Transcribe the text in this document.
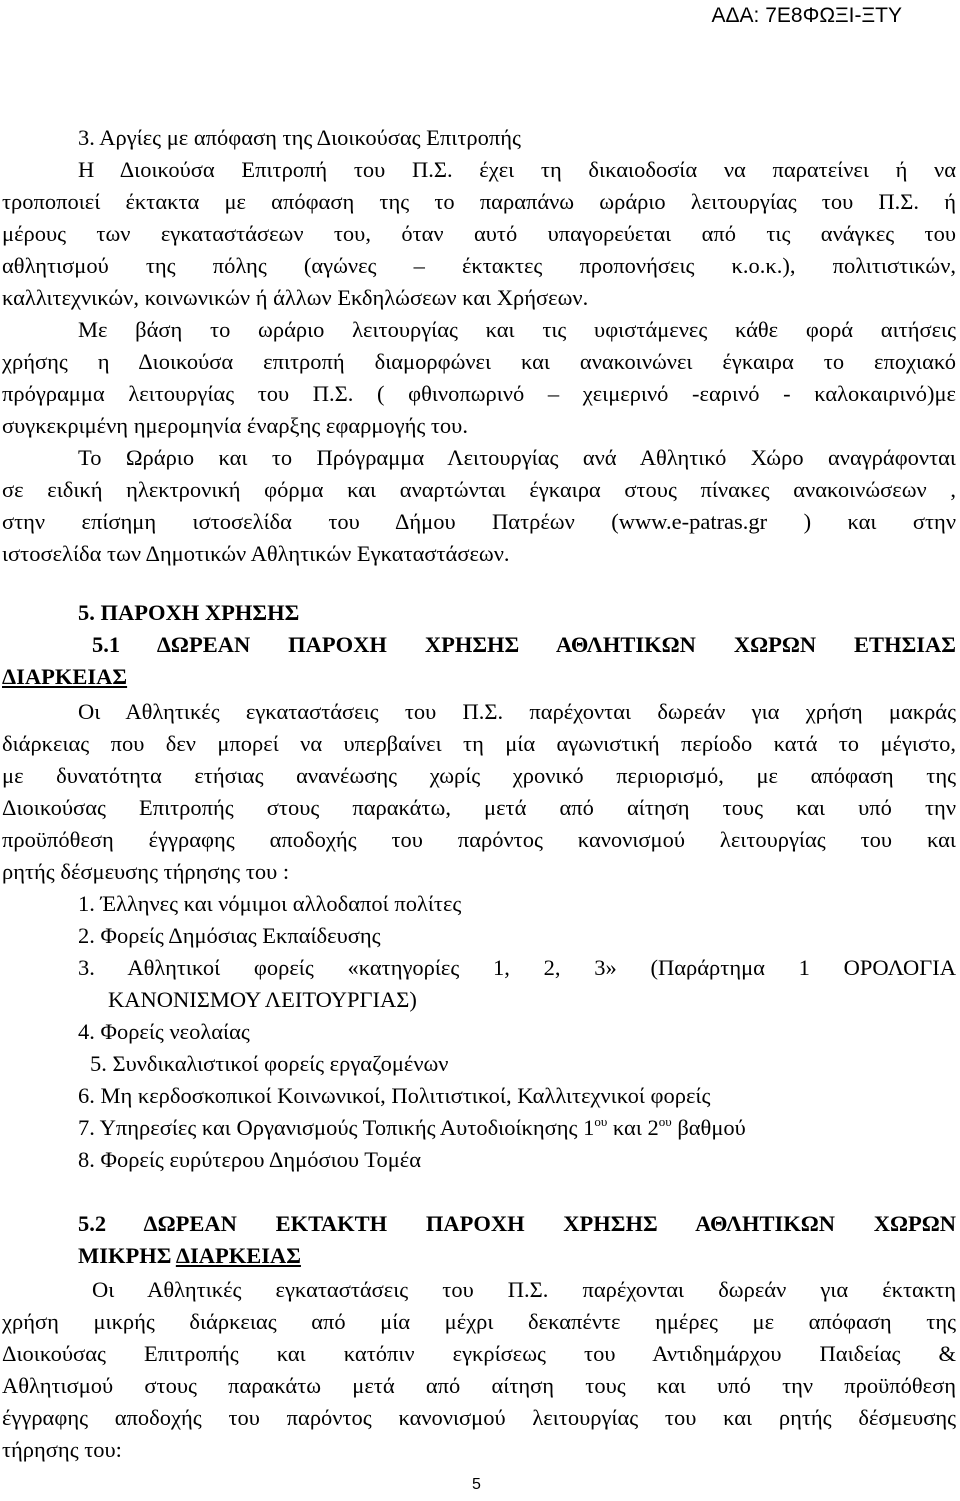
ΑΔΑ: 7Ε8ΦΩΞΙ-ΞΤΥ
3. Αργίες με απόφαση της Διοικούσας Επιτροπής
Η Διοικούσα Επιτροπή του Π.Σ. έχει τη δικαιοδοσία να παρατείνει ή να
τροποποιεί έκτακτα με απόφαση της το παραπάνω ωράριο λειτουργίας του Π.Σ. ή
μέρους των εγκαταστάσεων του, όταν αυτό υπαγορεύεται από τις ανάγκες του
αθλητισμού της πόλης (αγώνες – έκτακτες προπονήσεις κ.ο.κ.), πολιτιστικών,
καλλιτεχνικών, κοινωνικών ή άλλων Εκδηλώσεων και Χρήσεων.
Με βάση το ωράριο λειτουργίας και τις υφιστάμενες κάθε φορά αιτήσεις
χρήσης η Διοικούσα επιτροπή διαμορφώνει και ανακοινώνει έγκαιρα το εποχιακό
πρόγραμμα λειτουργίας του Π.Σ. ( φθινοπωρινό – χειμερινό -εαρινό - καλοκαιρινό)με
συγκεκριμένη ημερομηνία έναρξης εφαρμογής του.
Το Ωράριο και το Πρόγραμμα Λειτουργίας ανά Αθλητικό Χώρο αναγράφονται
σε ειδική ηλεκτρονική φόρμα και αναρτώνται έγκαιρα στους πίνακες ανακοινώσεων ,
στην επίσημη ιστοσελίδα του Δήμου Πατρέων (www.e-patras.gr ) και στην
ιστοσελίδα των Δημοτικών Αθλητικών Εγκαταστάσεων.
5. ΠΑΡΟΧΗ ΧΡΗΣΗΣ
5.1 ΔΩΡΕΑΝ ΠΑΡΟΧΗ ΧΡΗΣΗΣ ΑΘΛΗΤΙΚΩΝ ΧΩΡΩΝ ΕΤΗΣΙΑΣ
ΔΙΑΡΚΕΙΑΣ
Οι Αθλητικές εγκαταστάσεις του Π.Σ. παρέχονται δωρεάν για χρήση μακράς
διάρκειας που δεν μπορεί να υπερβαίνει τη μία αγωνιστική περίοδο κατά το μέγιστο,
με δυνατότητα ετήσιας ανανέωσης χωρίς χρονικό περιορισμό, με απόφαση της
Διοικούσας Επιτροπής στους παρακάτω, μετά από αίτηση τους και υπό την
προϋπόθεση έγγραφης αποδοχής του παρόντος κανονισμού λειτουργίας του και
ρητής δέσμευσης τήρησης του :
1. Έλληνες και νόμιμοι αλλοδαποί πολίτες
2. Φορείς Δημόσιας Εκπαίδευσης
3. Αθλητικοί φορείς «κατηγορίες 1, 2, 3» (Παράρτημα 1 ΟΡΟΛΟΓΙΑ
ΚΑΝΟΝΙΣΜΟΥ ΛΕΙΤΟΥΡΓΙΑΣ)
4. Φορείς νεολαίας
5. Συνδικαλιστικοί φορείς εργαζομένων
6. Μη κερδοσκοπικοί Κοινωνικοί, Πολιτιστικοί, Καλλιτεχνικοί φορείς
7. Υπηρεσίες και Οργανισμούς Τοπικής Αυτοδιοίκησης $1^{o\upsilon}$ και $2^{o\upsilon}$ βαθμού
8. Φορείς ευρύτερου Δημόσιου Τομέα
5.2 ΔΩΡΕΑΝ ΕΚΤΑΚΤΗ ΠΑΡΟΧΗ ΧΡΗΣΗΣ ΑΘΛΗΤΙΚΩΝ ΧΩΡΩΝ
ΜΙΚΡΗΣ ΔΙΑΡΚΕΙΑΣ
Οι Αθλητικές εγκαταστάσεις του Π.Σ. παρέχονται δωρεάν για έκτακτη
χρήση μικρής διάρκειας από μία μέχρι δεκαπέντε ημέρες με απόφαση της
Διοικούσας Επιτροπής και κατόπιν εγκρίσεως του Αντιδημάρχου Παιδείας &
Αθλητισμού στους παρακάτω μετά από αίτηση τους και υπό την προϋπόθεση
έγγραφης αποδοχής του παρόντος κανονισμού λειτουργίας του και ρητής δέσμευσης
τήρησης του:
5
